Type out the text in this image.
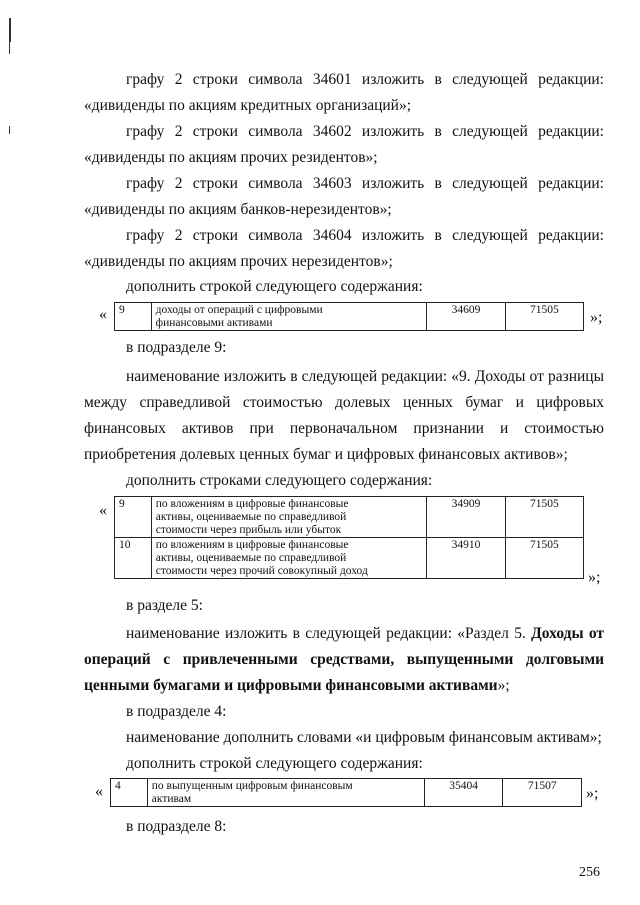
графу 2 строки символа 34601 изложить в следующей редакции:
«дивиденды по акциям кредитных организаций»;
графу 2 строки символа 34602 изложить в следующей редакции:
«дивиденды по акциям прочих резидентов»;
графу 2 строки символа 34603 изложить в следующей редакции:
«дивиденды по акциям банков-нерезидентов»;
графу 2 строки символа 34604 изложить в следующей редакции:
«дивиденды по акциям прочих нерезидентов»;
дополнить строкой следующего содержания:
« 9	доходы от операций с цифровыми
финансовыми активами
	34609	71505 »;
в подразделе 9:
наименование изложить в следующей редакции: «9. Доходы от разницы
между справедливой стоимостью долевых ценных бумаг и цифровых
финансовых активов при первоначальном признании и стоимостью
приобретения долевых ценных бумаг и цифровых финансовых активов»;
дополнить строками следующего содержания:
« 9	по вложениям в цифровые финансовые
активы, оцениваемые по справедливой
стоимости через прибыль или убыток	34909	71505
10	по вложениям в цифровые финансовые
активы, оцениваемые по справедливой
стоимости через прочий совокупный доход	34910	71505
»;
в разделе 5:
наименование изложить в следующей редакции: «Раздел 5. Доходы от
операций с привлеченными средствами, выпущенными долговыми
ценными бумагами и цифровыми финансовыми активами»;
в подразделе 4:
наименование дополнить словами «и цифровым финансовым активам»;
дополнить строкой следующего содержания:
« 4	по выпущенным цифровым финансовым
активам
	35404	71507 »;
в подразделе 8:
256
